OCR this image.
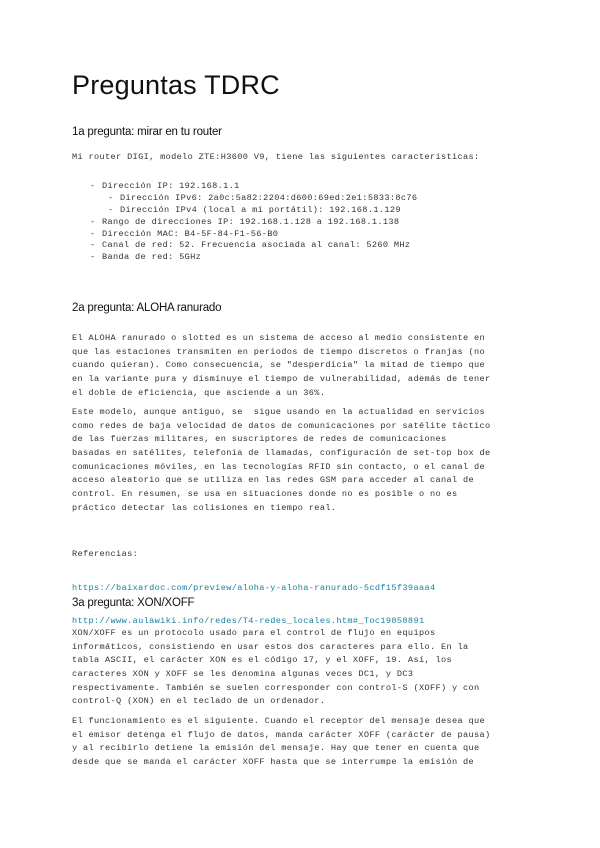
Preguntas TDRC
1a pregunta: mirar en tu router

Mi router DIGI, modelo ZTE:H3600 V9, tiene las siguientes características:

- Dirección IP: 192.168.1.1
- Dirección IPv6: 2a0c:5a82:2204:d600:69ed:2e1:5833:8c76
- Dirección IPv4 (local a mi portátil): 192.168.1.129
- Rango de direcciones IP: 192.168.1.128 a 192.168.1.138
- Dirección MAC: B4-5F-84-F1-56-B0
- Canal de red: 52. Frecuencia asociada al canal: 5260 MHz
- Banda de red: 5GHz
2a pregunta: ALOHA ranurado
El ALOHA ranurado o slotted es un sistema de acceso al medio consistente en
que las estaciones transmiten en periodos de tiempo discretos o franjas (no
cuando quieran). Como consecuencia, se "desperdicia" la mitad de tiempo que
en la variante pura y disminuye el tiempo de vulnerabilidad, además de tener
el doble de eficiencia, que asciende a un 36%.
Este modelo, aunque antiguo, se  sigue usando en la actualidad en servicios
como redes de baja velocidad de datos de comunicaciones por satélite táctico
de las fuerzas militares, en suscriptores de redes de comunicaciones
basadas en satélites, telefonía de llamadas, configuración de set-top box de
comunicaciones móviles, en las tecnologías RFID sin contacto, o el canal de
acceso aleatorio que se utiliza en las redes GSM para acceder al canal de
control. En resumen, se usa en situaciones donde no es posible o no es
práctico detectar las colisiones en tiempo real.

Referencias:

https://baixardoc.com/preview/aloha-y-aloha-ranurado-5cdf15f39aaa4

http://www.aulawiki.info/redes/T4-redes_locales.htm#_Toc19858891

3a pregunta: XON/XOFF
XON/XOFF es un protocolo usado para el control de flujo en equipos
informáticos, consistiendo en usar estos dos caracteres para ello. En la
tabla ASCII, el carácter XON es el código 17, y el XOFF, 19. Así, los
caracteres XON y XOFF se les denomina algunas veces DC1, y DC3
respectivamente. También se suelen corresponder con control-S (XOFF) y con
control-Q (XON) en el teclado de un ordenador.
El funcionamiento es el siguiente. Cuando el receptor del mensaje desea que
el emisor detenga el flujo de datos, manda carácter XOFF (carácter de pausa)
y al recibirlo detiene la emisión del mensaje. Hay que tener en cuenta que
desde que se manda el carácter XOFF hasta que se interrumpe la emisión de
